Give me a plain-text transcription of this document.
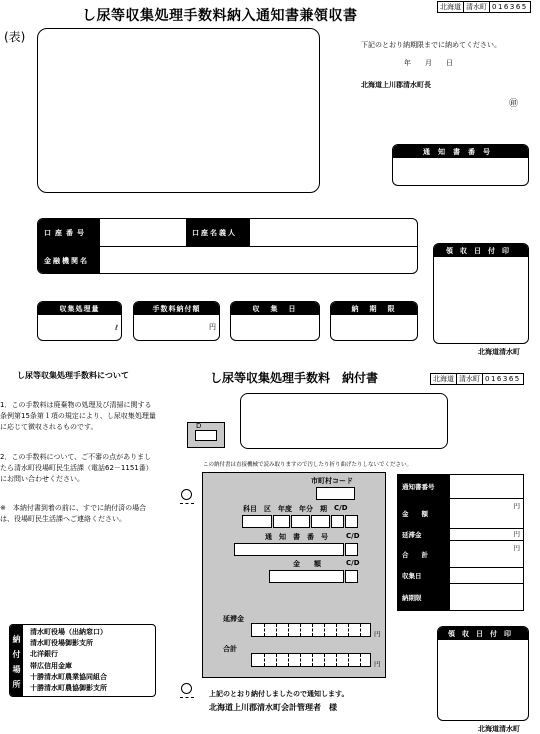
し尿等収集処理手数料納入通知書兼領収書
北海道 清水町 016365
(表)
下記のとおり納期限までに納めてください。
年　　月　　日
北海道上川郡清水町長
㊞
通知書番号
口座番号	口座名義人
金融機関名
領収日付印
収集処理量
ℓ
手数料納付額
円
収　集　日	納　期　限
北海道清水町
し尿等収集処理手数料について
1．この手数料は廃棄物の処理及び清掃に関する条例第15条第１項の規定により、し尿収集処理量に応じて徴収されるものです。
2．この手数料について、ご不審の点がありましたら清水町役場町民生活課（電話62－1151番）にお問い合わせください。
※　本納付書到着の前に、すでに納付済の場合は、役場町民生活課へご連絡ください。
納
付
場
所
清水町役場（出納窓口）
清水町役場御影支所
北洋銀行
帯広信用金庫
十勝清水町農業協同組合
十勝清水町農協御影支所
し尿等収集処理手数料　納付書	北海道 清水町 016365
D
この納付書は直接機械で読み取りますので汚したり折り曲げたりしないでください。
市町村コード
科目 区 年度 年分 期 C/D
通　知　書　番　号	C/D
金　　額	C/D
延滞金
円
合計
円
上記のとおり納付しましたので通知します。
北海道上川郡清水町会計管理者　様
通知書番号
金　　額
円
延滞金	円
合　　計
円
収集日
納期限
領収日付印
北海道清水町
